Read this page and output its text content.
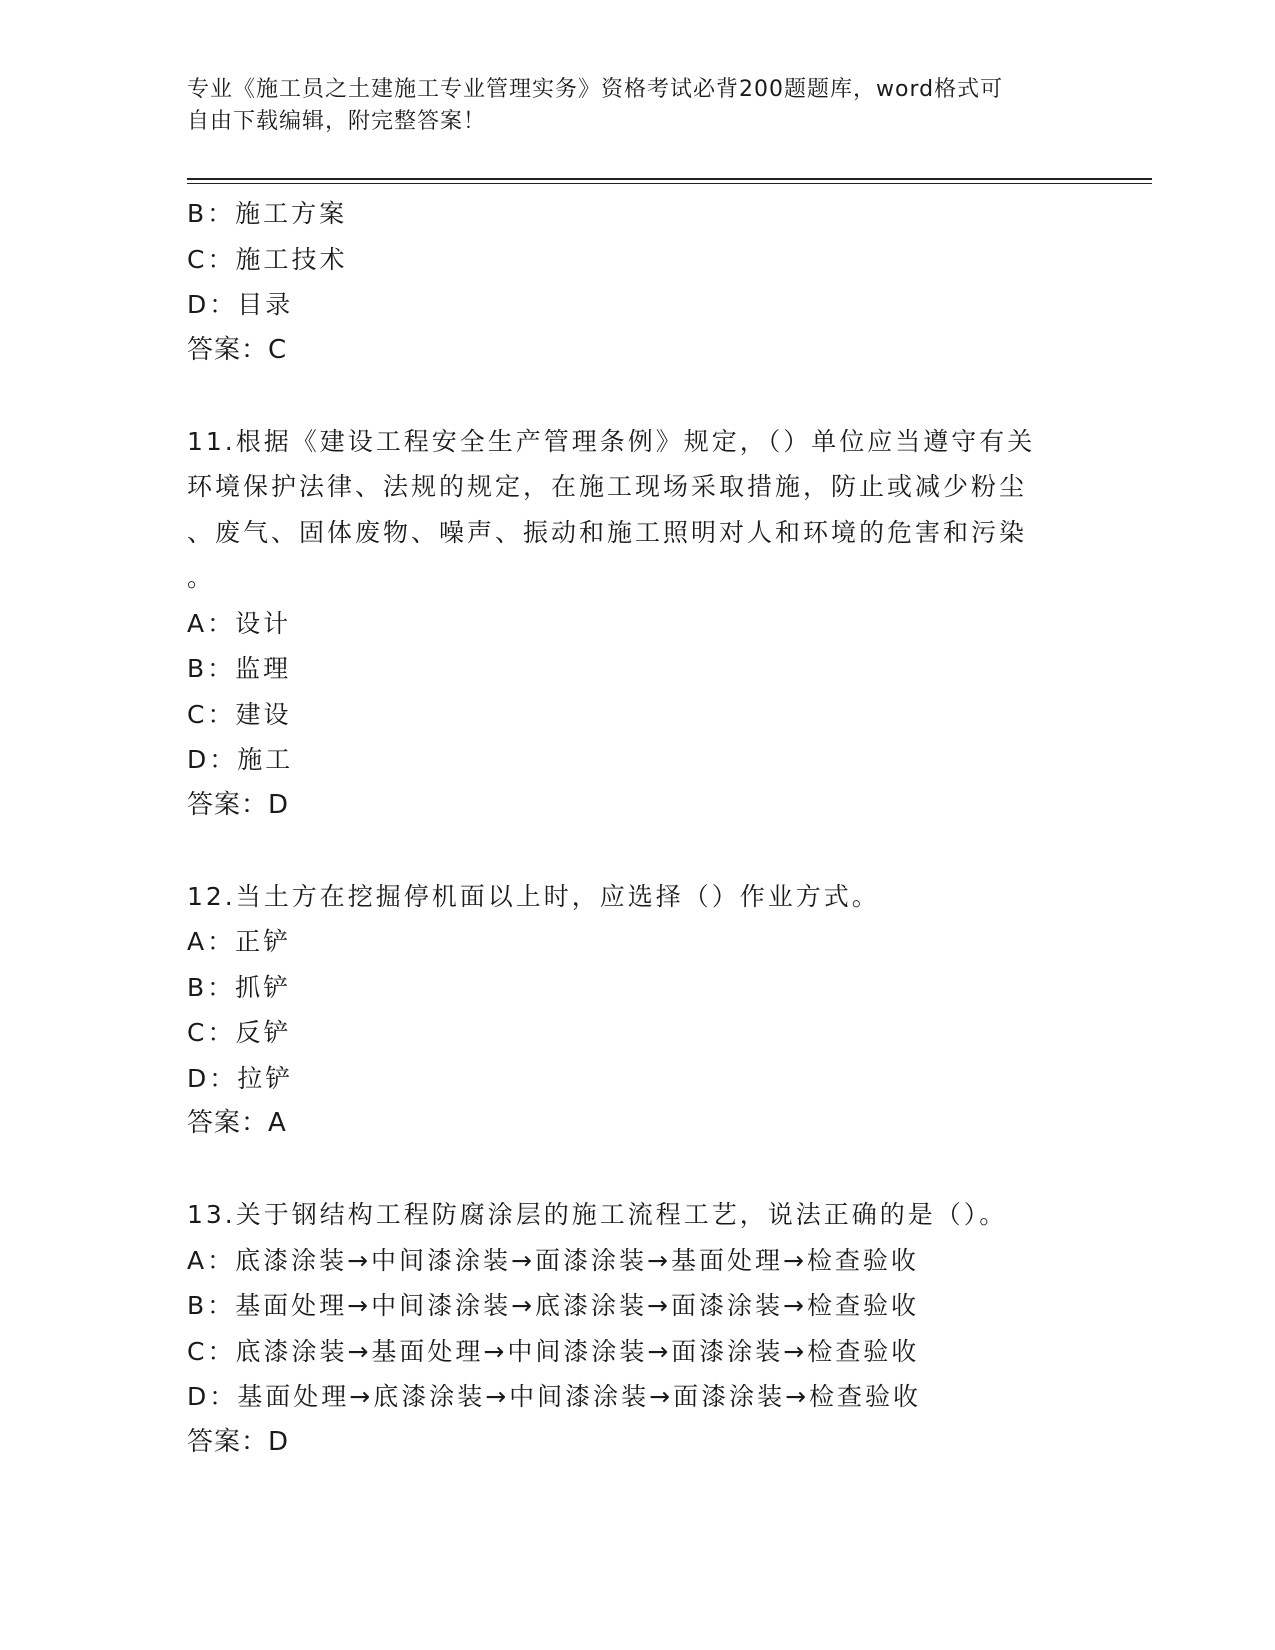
专业《施工员之土建施工专业管理实务》资格考试必背200题题库，word格式可
自由下载编辑，附完整答案！
B：施工方案
C：施工技术
D：目录
答案：C
11.根据《建设工程安全生产管理条例》规定，（）单位应当遵守有关
环境保护法律、法规的规定，在施工现场采取措施，防止或减少粉尘
、废气、固体废物、噪声、振动和施工照明对人和环境的危害和污染
。
A：设计
B：监理
C：建设
D：施工
答案：D
12.当土方在挖掘停机面以上时，应选择（）作业方式。
A：正铲
B：抓铲
C：反铲
D：拉铲
答案：A
13.关于钢结构工程防腐涂层的施工流程工艺，说法正确的是（）。
A：底漆涂装→中间漆涂装→面漆涂装→基面处理→检查验收
B：基面处理→中间漆涂装→底漆涂装→面漆涂装→检查验收
C：底漆涂装→基面处理→中间漆涂装→面漆涂装→检查验收
D：基面处理→底漆涂装→中间漆涂装→面漆涂装→检查验收
答案：D
